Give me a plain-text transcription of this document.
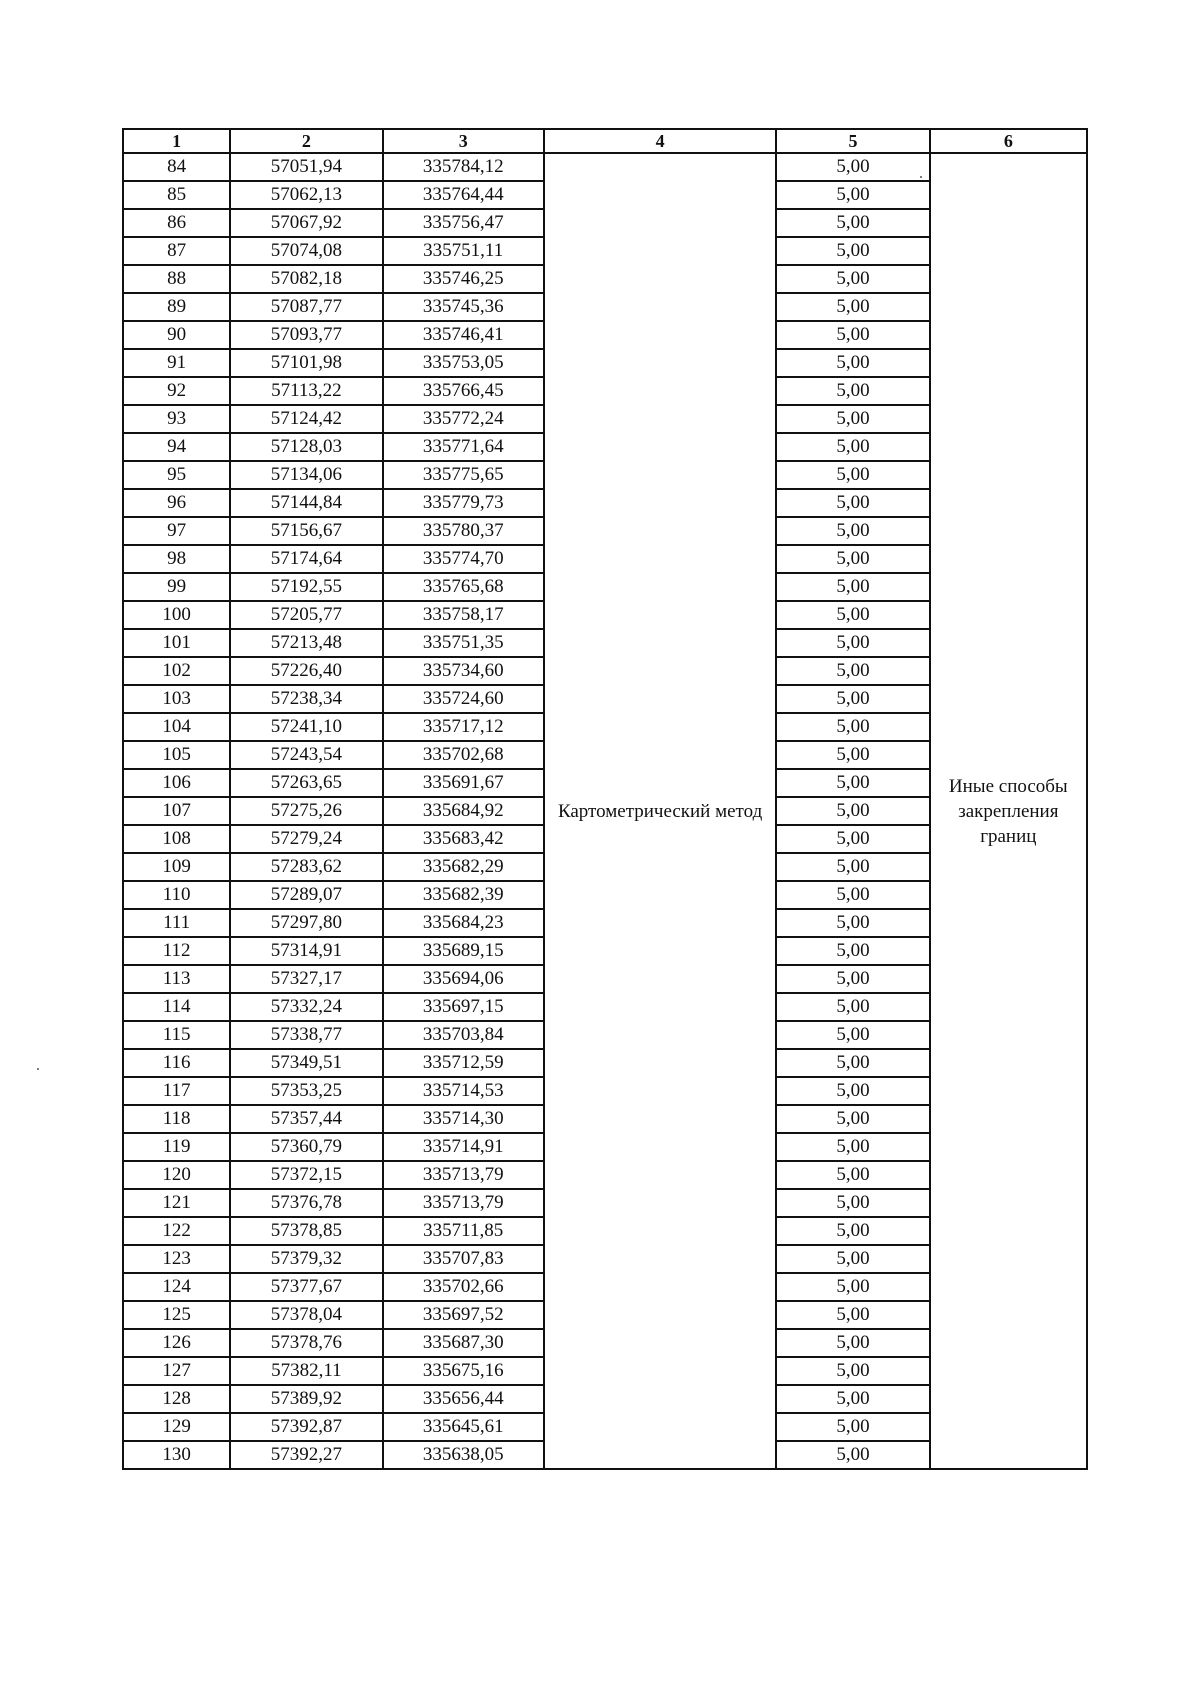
1	2	3	4	5	6
84	57051,94	335784,12	Картометрический метод	5,00	Иные способы закрепления границ
85	57062,13	335764,44		5,00	
86	57067,92	335756,47		5,00	
87	57074,08	335751,11		5,00	
88	57082,18	335746,25		5,00	
89	57087,77	335745,36		5,00	
90	57093,77	335746,41		5,00	
91	57101,98	335753,05		5,00	
92	57113,22	335766,45		5,00	
93	57124,42	335772,24		5,00	
94	57128,03	335771,64		5,00	
95	57134,06	335775,65		5,00	
96	57144,84	335779,73		5,00	
97	57156,67	335780,37		5,00	
98	57174,64	335774,70		5,00	
99	57192,55	335765,68		5,00	
100	57205,77	335758,17		5,00	
101	57213,48	335751,35		5,00	
102	57226,40	335734,60		5,00	
103	57238,34	335724,60		5,00	
104	57241,10	335717,12		5,00	
105	57243,54	335702,68		5,00	
106	57263,65	335691,67		5,00	
107	57275,26	335684,92		5,00	
108	57279,24	335683,42		5,00	
109	57283,62	335682,29		5,00	
110	57289,07	335682,39		5,00	
111	57297,80	335684,23		5,00	
112	57314,91	335689,15		5,00	
113	57327,17	335694,06		5,00	
114	57332,24	335697,15		5,00	
115	57338,77	335703,84		5,00	
116	57349,51	335712,59		5,00	
117	57353,25	335714,53		5,00	
118	57357,44	335714,30		5,00	
119	57360,79	335714,91		5,00	
120	57372,15	335713,79		5,00	
121	57376,78	335713,79		5,00	
122	57378,85	335711,85		5,00	
123	57379,32	335707,83		5,00	
124	57377,67	335702,66		5,00	
125	57378,04	335697,52		5,00	
126	57378,76	335687,30		5,00	
127	57382,11	335675,16		5,00	
128	57389,92	335656,44		5,00	
129	57392,87	335645,61		5,00	
130	57392,27	335638,05		5,00	
